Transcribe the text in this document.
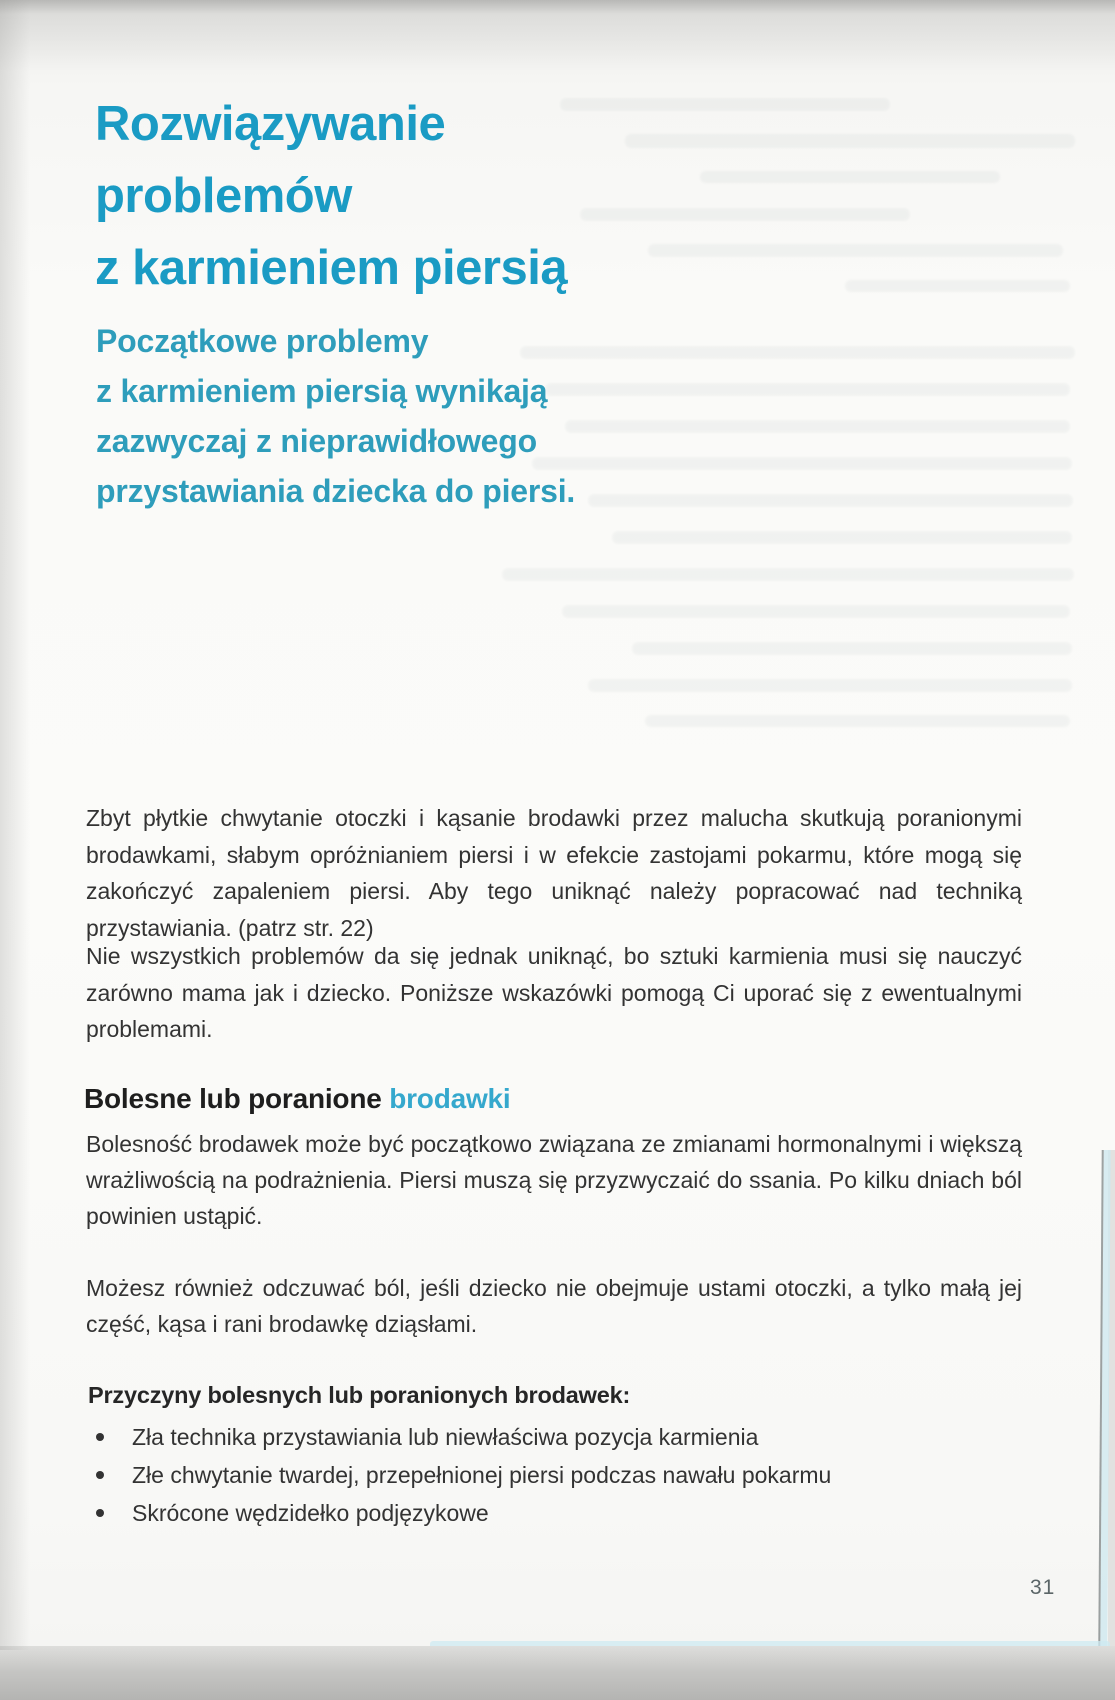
Rozwiązywanie
problemów
z karmieniem piersią
Początkowe problemy
z karmieniem piersią wynikają
zazwyczaj z nieprawidłowego
przystawiania dziecka do piersi.

Zbyt płytkie chwytanie otoczki i kąsanie brodawki przez malucha skutkują poranionymi brodawkami, słabym opróżnianiem piersi i w efekcie zastojami pokarmu, które mogą się zakończyć zapaleniem piersi. Aby tego uniknąć należy popracować nad techniką przystawiania. (patrz str. 22)

Nie wszystkich problemów da się jednak uniknąć, bo sztuki karmienia musi się nauczyć zarówno mama jak i dziecko. Poniższe wskazówki pomogą Ci uporać się z ewentualnymi problemami.

Bolesne lub poranione brodawki

Bolesność brodawek może być początkowo związana ze zmianami hormonalnymi i większą wrażliwością na podrażnienia. Piersi muszą się przyzwyczaić do ssania. Po kilku dniach ból powinien ustąpić.

Możesz również odczuwać ból, jeśli dziecko nie obejmuje ustami otoczki, a tylko małą jej część, kąsa i rani brodawkę dziąsłami.

Przyczyny bolesnych lub poranionych brodawek:
Zła technika przystawiania lub niewłaściwa pozycja karmienia
Złe chwytanie twardej, przepełnionej piersi podczas nawału pokarmu
Skrócone wędzidełko podjęzykowe
31
